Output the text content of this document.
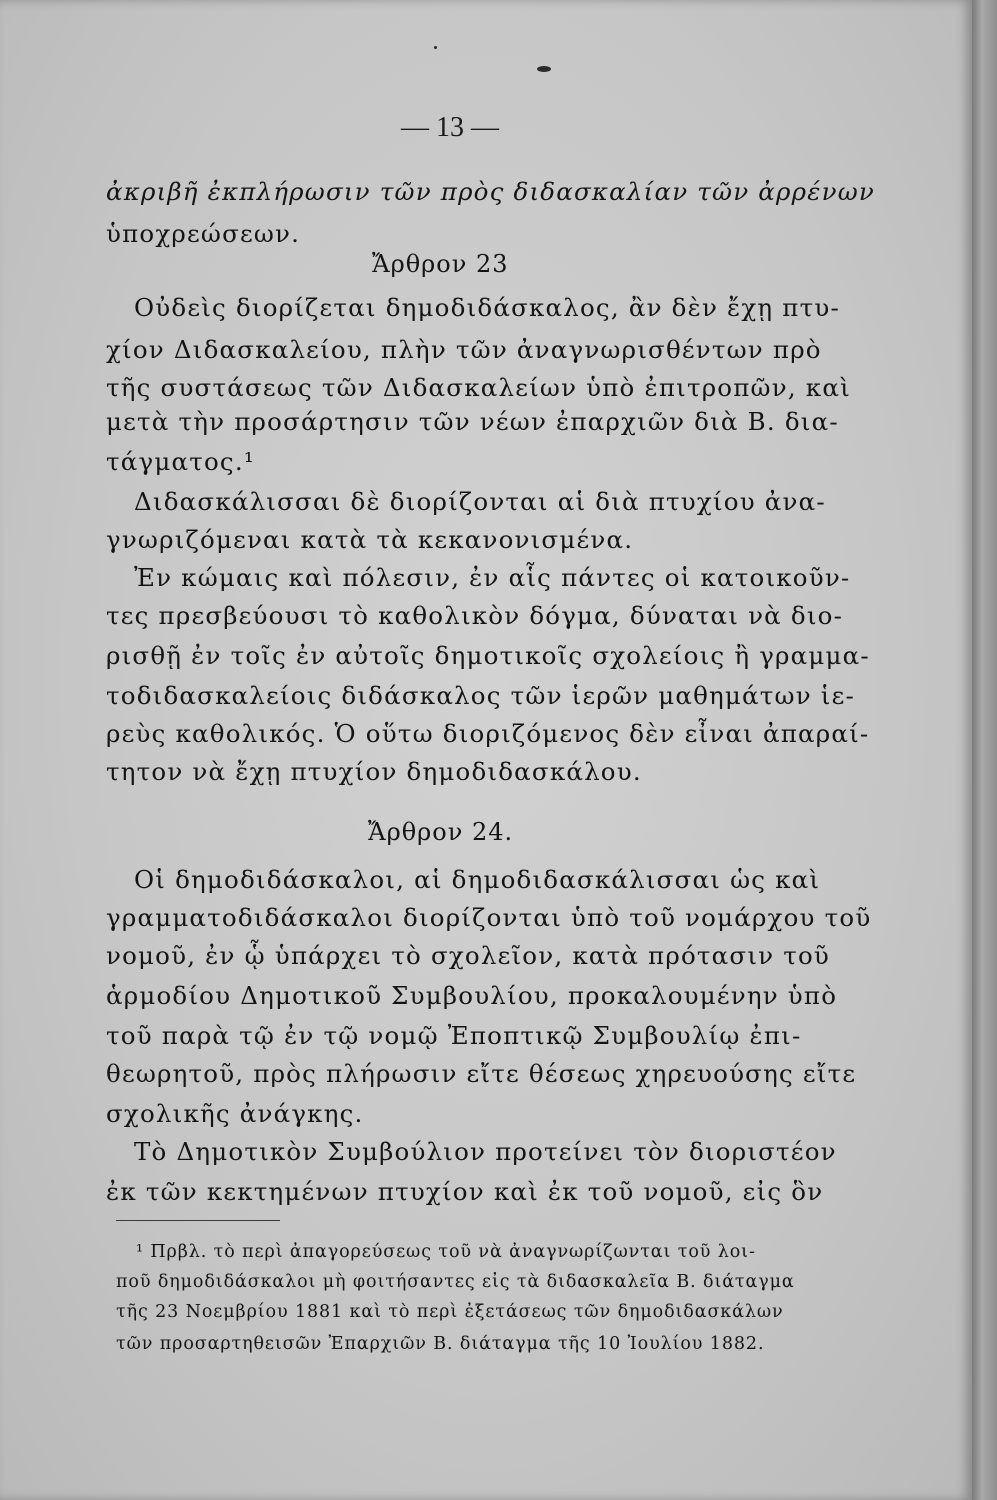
— 13 —
ἀκριβῆ ἐκπλήρωσιν τῶν πρὸς διδασκαλίαν τῶν ἀρρένων
ὑποχρεώσεων.
Ἄρθρον 23
Οὐδεὶς διορίζεται δημοδιδάσκαλος, ἂν δὲν ἔχῃ πτυ-
χίον Διδασκαλείου, πλὴν τῶν ἀναγνωρισθέντων πρὸ
τῆς συστάσεως τῶν Διδασκαλείων ὑπὸ ἐπιτροπῶν, καὶ
μετὰ τὴν προσάρτησιν τῶν νέων ἐπαρχιῶν διὰ Β. δια-
τάγματος.¹
Διδασκάλισσαι δὲ διορίζονται αἱ διὰ πτυχίου ἀνα-
γνωριζόμεναι κατὰ τὰ κεκανονισμένα.
Ἐν κώμαις καὶ πόλεσιν, ἐν αἷς πάντες οἱ κατοικοῦν-
τες πρεσβεύουσι τὸ καθολικὸν δόγμα, δύναται νὰ διο-
ρισθῇ ἐν τοῖς ἐν αὐτοῖς δημοτικοῖς σχολείοις ἢ γραμμα-
τοδιδασκαλείοις διδάσκαλος τῶν ἱερῶν μαθημάτων ἱε-
ρεὺς καθολικός. Ὁ οὕτω διοριζόμενος δὲν εἶναι ἀπαραί-
τητον νὰ ἔχῃ πτυχίον δημοδιδασκάλου.
Ἄρθρον 24.
Οἱ δημοδιδάσκαλοι, αἱ δημοδιδασκάλισσαι ὡς καὶ
γραμματοδιδάσκαλοι διορίζονται ὑπὸ τοῦ νομάρχου τοῦ
νομοῦ, ἐν ᾧ ὑπάρχει τὸ σχολεῖον, κατὰ πρότασιν τοῦ
ἁρμοδίου Δημοτικοῦ Συμβουλίου, προκαλουμένην ὑπὸ
τοῦ παρὰ τῷ ἐν τῷ νομῷ Ἐποπτικῷ Συμβουλίῳ ἐπι-
θεωρητοῦ, πρὸς πλήρωσιν εἴτε θέσεως χηρευούσης εἴτε
σχολικῆς ἀνάγκης.
Τὸ Δημοτικὸν Συμβούλιον προτείνει τὸν διοριστέον
ἐκ τῶν κεκτημένων πτυχίον καὶ ἐκ τοῦ νομοῦ, εἰς ὃν
¹ Πρβλ. τὸ περὶ ἀπαγορεύσεως τοῦ νὰ ἀναγνωρίζωνται τοῦ λοι-
ποῦ δημοδιδάσκαλοι μὴ φοιτήσαντες εἰς τὰ διδασκαλεῖα Β. διάταγμα
τῆς 23 Νοεμβρίου 1881 καὶ τὸ περὶ ἐξετάσεως τῶν δημοδιδασκάλων
τῶν προσαρτηθεισῶν Ἐπαρχιῶν Β. διάταγμα τῆς 10 Ἰουλίου 1882.
